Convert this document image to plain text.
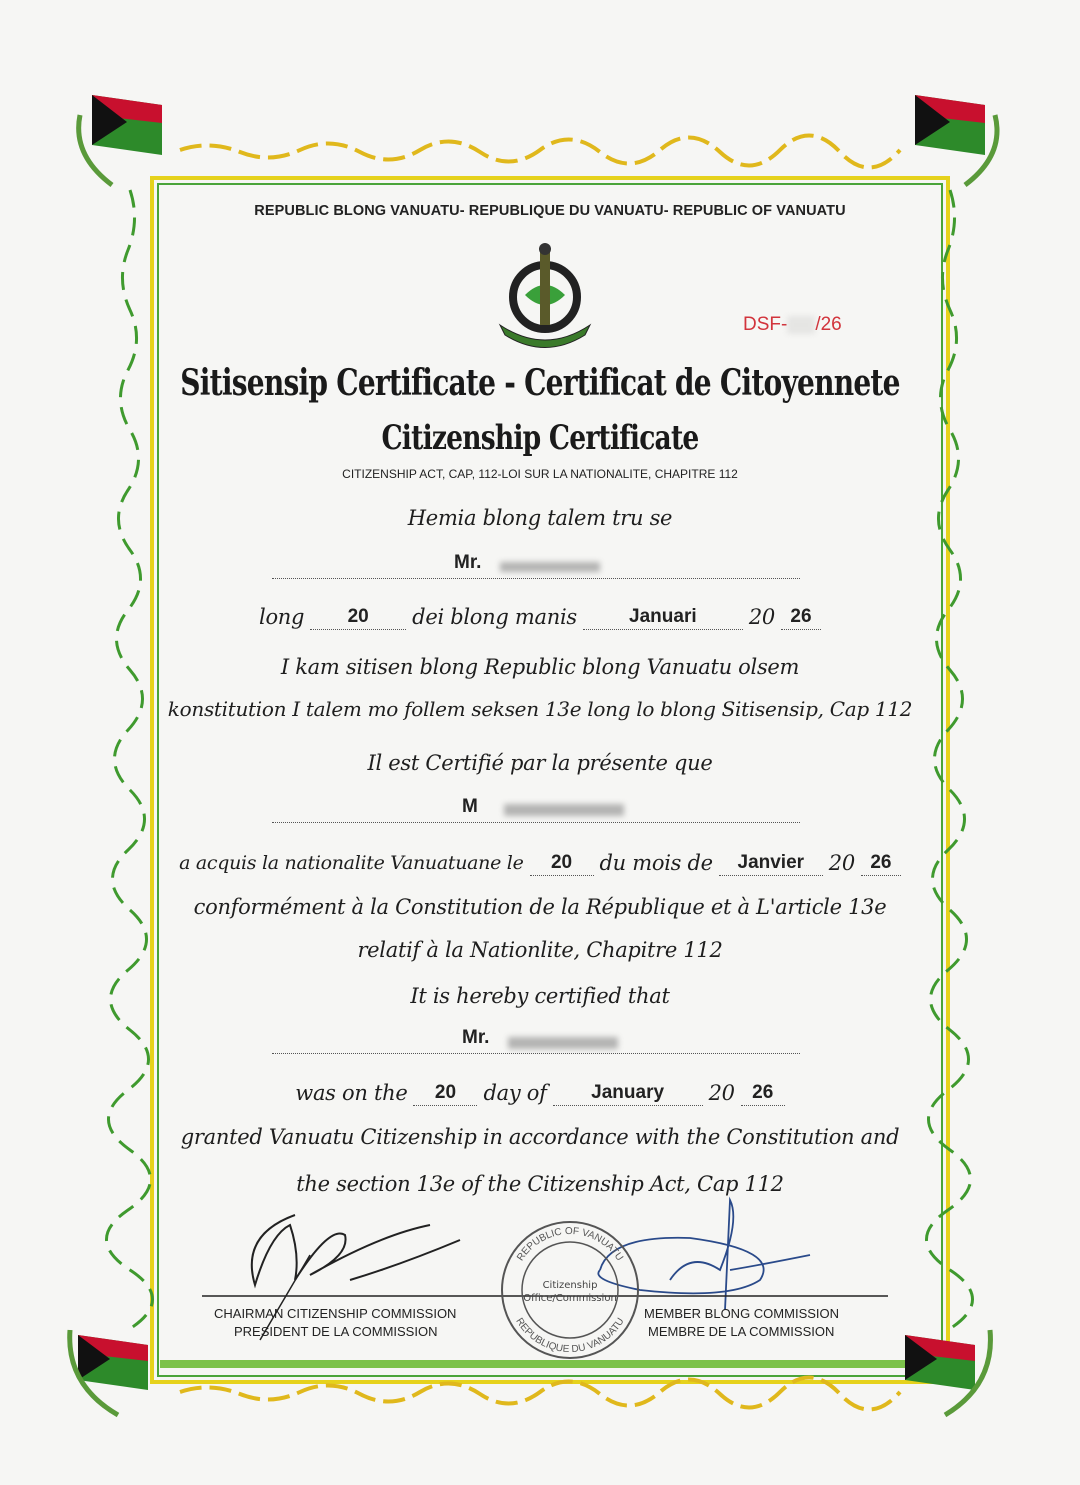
REPUBLIC BLONG VANUATU- REPUBLIQUE DU VANUATU- REPUBLIC OF VANUATU
DSF- /26
Sitisensip Certificate - Certificat de Citoyennete
Citizenship Certificate
CITIZENSHIP ACT, CAP, 112-LOI SUR LA NATIONALITE, CHAPITRE 112
Hemia blong talem tru se
Mr.
long	20	dei blong manis	Januari	20 26
I kam sitisen blong Republic blong Vanuatu olsem
konstitution I talem mo follem seksen 13e long lo blong Sitisensip, Cap 112
Il est Certifié par la présente que
M
a acquis la nationalite Vanuatuane le	20	du mois de	Janvier	20 26
conformément à la Constitution de la République et à L'article 13e
relatif à la Nationlite, Chapitre 112
It is hereby certified that
Mr.
was on the	20	day of	January	20 26
granted Vanuatu Citizenship in accordance with the Constitution and
the section 13e of the Citizenship Act, Cap 112
REPUBLIC OF VANUATU
REPUBLIQUE DU VANUATU
Citizenship
Office/Commission
CHAIRMAN CITIZENSHIP COMMISSION
PRESIDENT DE LA COMMISSION
MEMBER BLONG COMMISSION
MEMBRE DE LA COMMISSION
